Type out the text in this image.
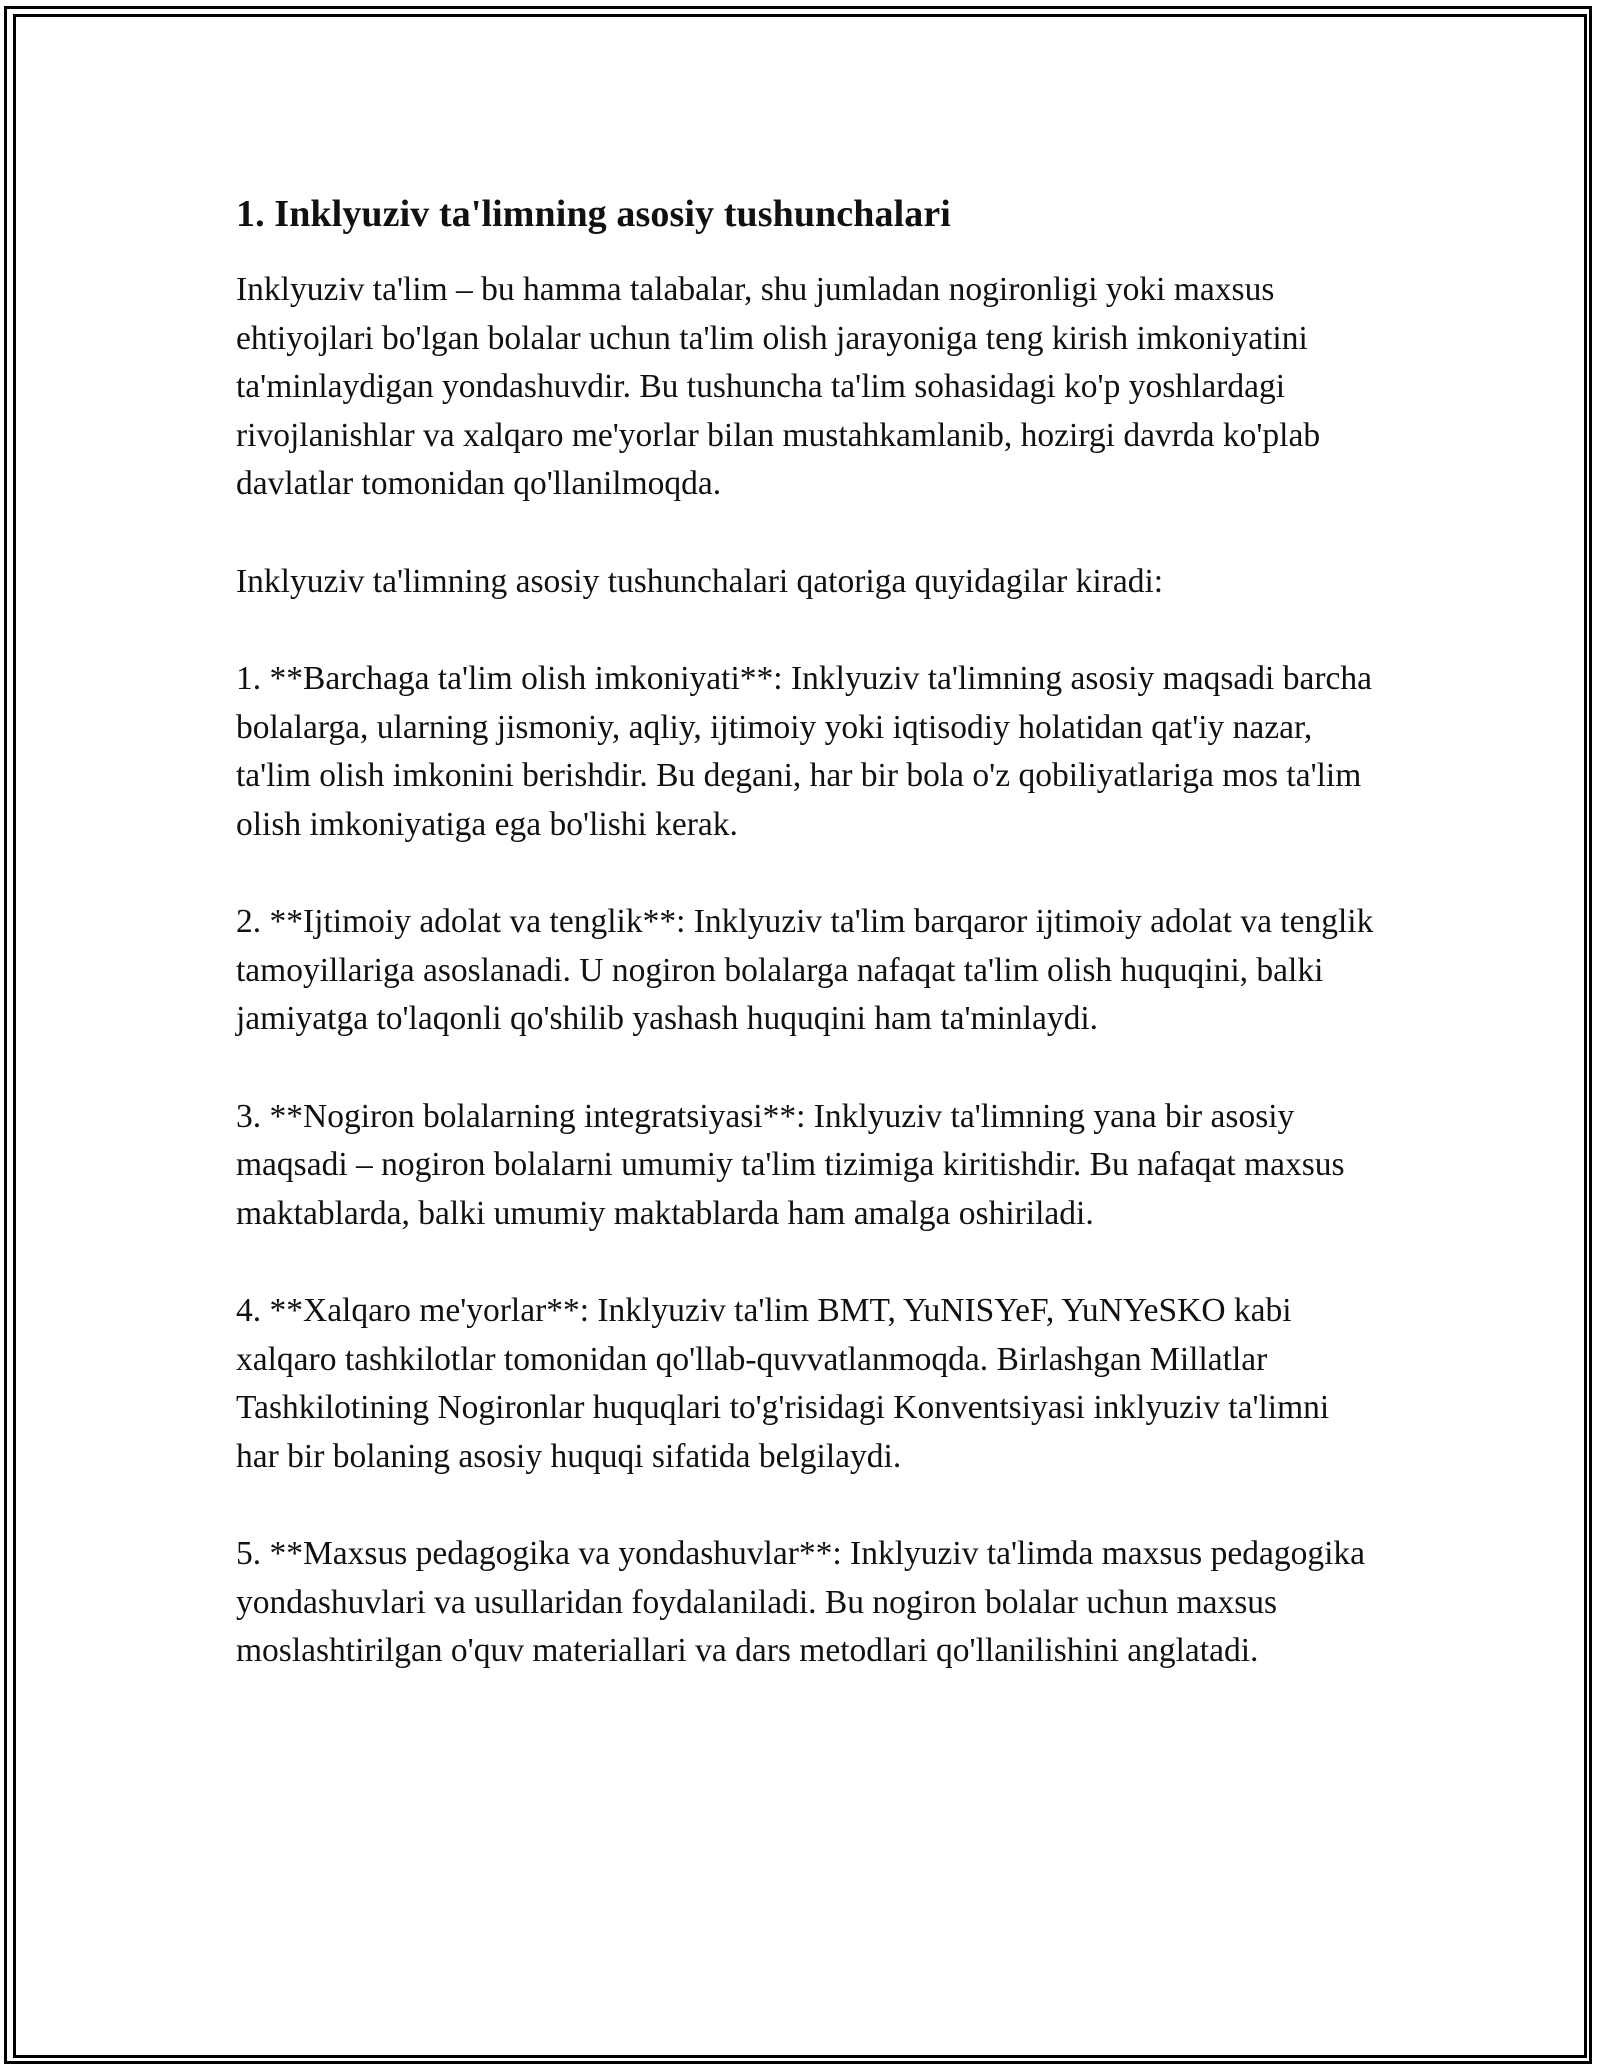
1. Inklyuziv ta'limning asosiy tushunchalari

Inklyuziv ta'lim – bu hamma talabalar, shu jumladan nogironligi yoki maxsus ehtiyojlari bo'lgan bolalar uchun ta'lim olish jarayoniga teng kirish imkoniyatini ta'minlaydigan yondashuvdir. Bu tushuncha ta'lim sohasidagi ko'p yoshlardagi rivojlanishlar va xalqaro me'yorlar bilan mustahkamlanib, hozirgi davrda ko'plab davlatlar tomonidan qo'llanilmoqda.

Inklyuziv ta'limning asosiy tushunchalari qatoriga quyidagilar kiradi:

1. **Barchaga ta'lim olish imkoniyati**: Inklyuziv ta'limning asosiy maqsadi barcha bolalarga, ularning jismoniy, aqliy, ijtimoiy yoki iqtisodiy holatidan qat'iy nazar, ta'lim olish imkonini berishdir. Bu degani, har bir bola o'z qobiliyatlariga mos ta'lim olish imkoniyatiga ega bo'lishi kerak.

2. **Ijtimoiy adolat va tenglik**: Inklyuziv ta'lim barqaror ijtimoiy adolat va tenglik tamoyillariga asoslanadi. U nogiron bolalarga nafaqat ta'lim olish huquqini, balki jamiyatga to'laqonli qo'shilib yashash huquqini ham ta'minlaydi.

3. **Nogiron bolalarning integratsiyasi**: Inklyuziv ta'limning yana bir asosiy maqsadi – nogiron bolalarni umumiy ta'lim tizimiga kiritishdir. Bu nafaqat maxsus maktablarda, balki umumiy maktablarda ham amalga oshiriladi.

4. **Xalqaro me'yorlar**: Inklyuziv ta'lim BMT, YuNISYeF, YuNYeSKO kabi xalqaro tashkilotlar tomonidan qo'llab-quvvatlanmoqda. Birlashgan Millatlar Tashkilotining Nogironlar huquqlari to'g'risidagi Konventsiyasi inklyuziv ta'limni har bir bolaning asosiy huquqi sifatida belgilaydi.

5. **Maxsus pedagogika va yondashuvlar**: Inklyuziv ta'limda maxsus pedagogika yondashuvlari va usullaridan foydalaniladi. Bu nogiron bolalar uchun maxsus moslashtirilgan o'quv materiallari va dars metodlari qo'llanilishini anglatadi.
